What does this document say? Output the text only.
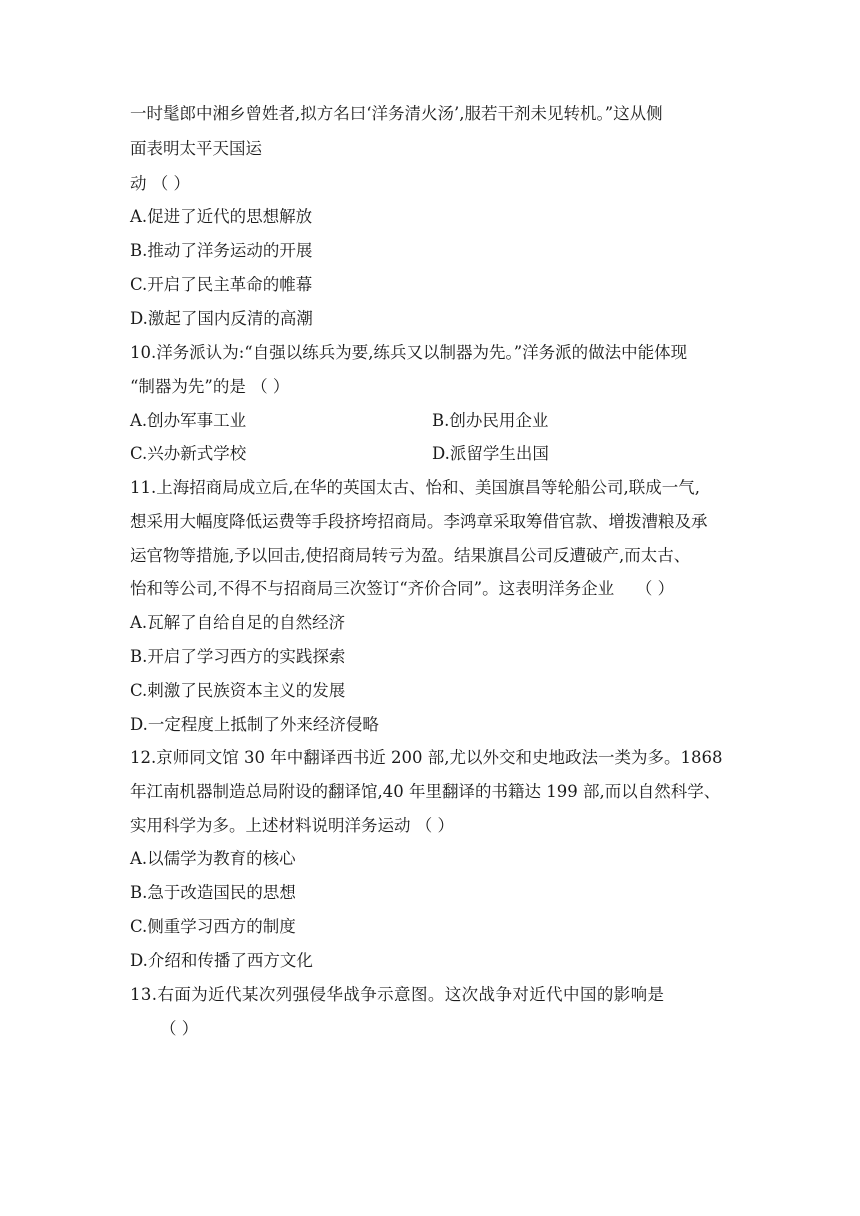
一时髦郎中湘乡曾姓者,拟方名曰‘洋务清火汤’,服若干剂未见转机。”这从侧
面表明太平天国运
动 （ ）
A.促进了近代的思想解放
B.推动了洋务运动的开展
C.开启了民主革命的帷幕
D.激起了国内反清的高潮
10.洋务派认为:“自强以练兵为要,练兵又以制器为先。”洋务派的做法中能体现
“制器为先”的是 （ ）
A.创办军事工业	B.创办民用企业
C.兴办新式学校	D.派留学生出国
11.上海招商局成立后,在华的英国太古、怡和、美国旗昌等轮船公司,联成一气,
想采用大幅度降低运费等手段挤垮招商局。李鸿章采取筹借官款、增拨漕粮及承
运官物等措施,予以回击,使招商局转亏为盈。结果旗昌公司反遭破产,而太古、
怡和等公司,不得不与招商局三次签订“齐价合同”。这表明洋务企业　 （ ）
A.瓦解了自给自足的自然经济
B.开启了学习西方的实践探索
C.刺激了民族资本主义的发展
D.一定程度上抵制了外来经济侵略
12.京师同文馆 30 年中翻译西书近 200 部,尤以外交和史地政法一类为多。1868
年江南机器制造总局附设的翻译馆,40 年里翻译的书籍达 199 部,而以自然科学、
实用科学为多。上述材料说明洋务运动 （ ）
A.以儒学为教育的核心
B.急于改造国民的思想
C.侧重学习西方的制度
D.介绍和传播了西方文化
13.右面为近代某次列强侵华战争示意图。这次战争对近代中国的影响是
（ ）
